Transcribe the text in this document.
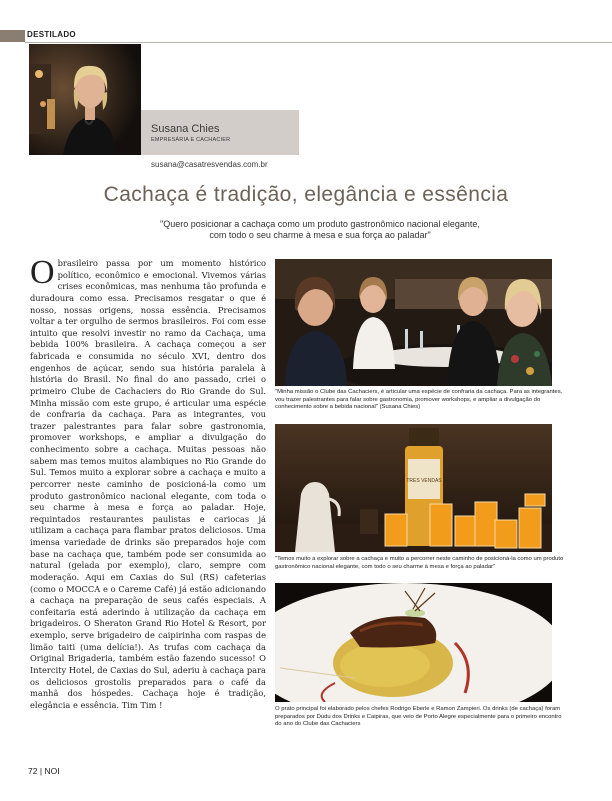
DESTILADO
Susana Chies
EMPRESÁRIA E CACHACIER
susana@casatresvendas.com.br
Cachaça é tradição, elegância e essência
"Quero posicionar a cachaça como um produto gastronômico nacional elegante,
com todo o seu charme à mesa e sua força ao paladar"

Obrasileiro passa por um momento histórico político, econômico e emocional. Vivemos várias crises econômicas, mas nenhuma tão profunda e duradoura como essa. Precisamos resgatar o que é nosso, nossas origens, nossa essência. Precisamos voltar a ter orgulho de sermos brasileiros. Foi com esse intuito que resolvi investir no ramo da Cachaça, uma bebida 100% brasileira. A cachaça começou a ser fabricada e consumida no século XVI, dentro dos engenhos de açúcar, sendo sua história paralela à história do Brasil. No final do ano passado, criei o primeiro Clube de Cachaciers do Rio Grande do Sul. Minha missão com este grupo, é articular uma espécie de confraria da cachaça. Para as integrantes, vou trazer palestrantes para falar sobre gastronomia, promover workshops, e ampliar a divulgação do conhecimento sobre a cachaça. Muitas pessoas não sabem mas temos muitos alambiques no Rio Grande do Sul. Temos muito a explorar sobre a cachaça e muito a percorrer neste caminho de posicioná-la como um produto gastronômico nacional elegante, com toda o seu charme à mesa e força ao paladar. Hoje, requintados restaurantes paulistas e cariocas já utilizam a cachaça para flambar pratos deliciosos. Uma imensa variedade de drinks são preparados hoje com base na cachaça que, também pode ser consumida ao natural (gelada por exemplo), claro, sempre com moderação. Aqui em Caxias do Sul (RS) cafeterias (como o MOCCA e o Careme Café) já estão adicionando a cachaça na preparação de seus cafés especiais. A confeitaria está aderindo à utilização da cachaça em brigadeiros. O Sheraton Grand Rio Hotel & Resort, por exemplo, serve brigadeiro de caipirinha com raspas de limão taiti (uma delícia!). As trufas com cachaça da Original Brigaderia, também estão fazendo sucesso! O Intercity Hotel, de Caxias do Sul, aderiu à cachaça para os deliciosos grostolis preparados para o café da manhã dos hóspedes. Cachaça hoje é tradição, elegância e essência. Tim Tim !

"Minha missão o Clube das Cachaciers, é articular uma espécie de confraria da cachaça. Para as integrantes, vou trazer palestrantes para falar sobre gastronomia, promover workshops, e ampliar a divulgação do conhecimento sobre a bebida nacional" (Susana Chies)
TRES VENDAS
"Temos muito a explorar sobre a cachaça e muito a percorrer neste caminho de posicioná-la como um produto gastronômico nacional elegante, com todo o seu charme à mesa e força ao paladar"
O prato principal foi elaborado pelos chefes Rodrigo Eberle e Ramon Zampieri. Os drinks (de cachaça) foram preparados por Dudu dos Drinks e Caipiras, que veio de Porto Alegre especialmente para o primeiro encontro do ano do Clube das Cachaciers
72 | NOI
